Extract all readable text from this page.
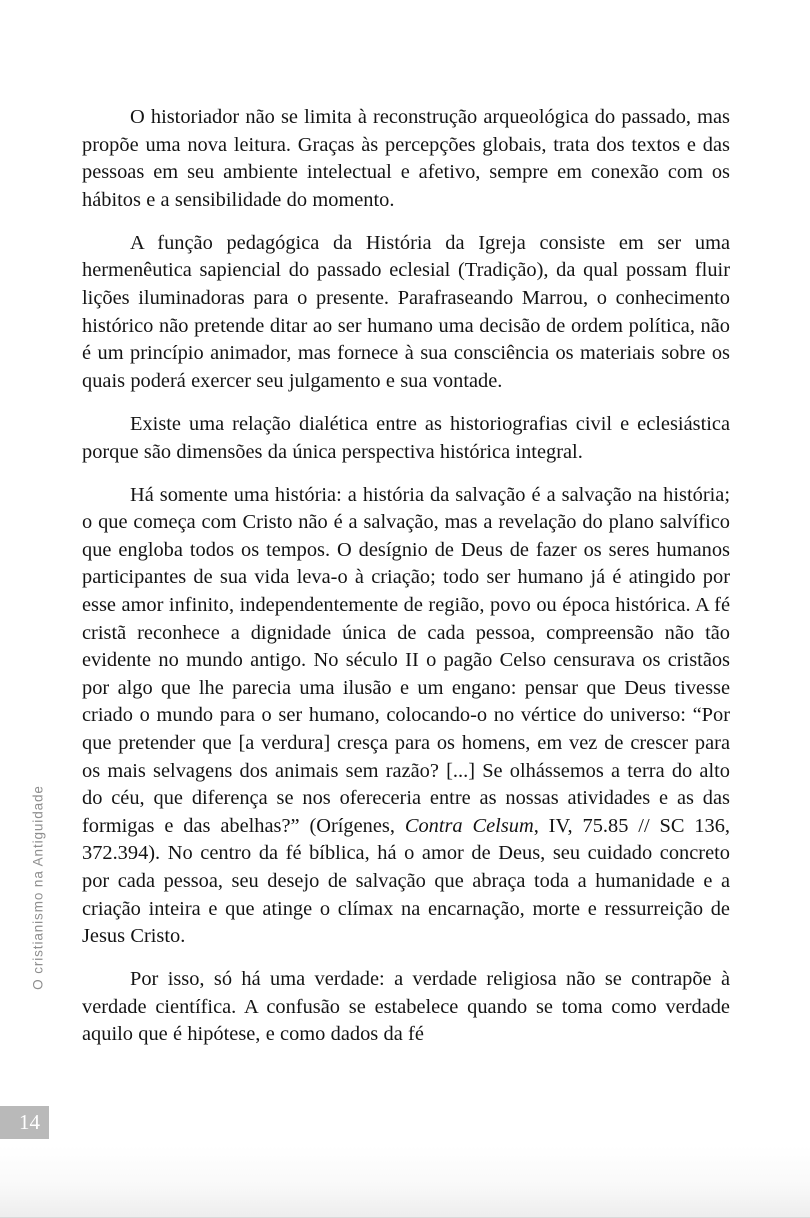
O cristianismo na Antiguidade
14

O historiador não se limita à reconstrução arqueológica do passado, mas propõe uma nova leitura. Graças às percepções globais, trata dos textos e das pessoas em seu ambiente intelectual e afetivo, sempre em conexão com os hábitos e a sensibilidade do momento.

A função pedagógica da História da Igreja consiste em ser uma hermenêutica sapiencial do passado eclesial (Tradição), da qual possam fluir lições iluminadoras para o presente. Parafraseando Marrou, o conhecimento histórico não pretende ditar ao ser humano uma decisão de ordem política, não é um princípio animador, mas fornece à sua consciência os materiais sobre os quais poderá exercer seu julgamento e sua vontade.

Existe uma relação dialética entre as historiografias civil e eclesiástica porque são dimensões da única perspectiva histórica integral.

Há somente uma história: a história da salvação é a salvação na história; o que começa com Cristo não é a salvação, mas a revelação do plano salvífico que engloba todos os tempos. O desígnio de Deus de fazer os seres humanos participantes de sua vida leva-o à criação; todo ser humano já é atingido por esse amor infinito, independentemente de região, povo ou época histórica. A fé cristã reconhece a dignidade única de cada pessoa, compreensão não tão evidente no mundo antigo. No século II o pagão Celso censurava os cristãos por algo que lhe parecia uma ilusão e um engano: pensar que Deus tivesse criado o mundo para o ser humano, colocando-o no vértice do universo: “Por que pretender que [a verdura] cresça para os homens, em vez de crescer para os mais selvagens dos animais sem razão? [...] Se olhássemos a terra do alto do céu, que diferença se nos ofereceria entre as nossas atividades e as das formigas e das abelhas?” (Orígenes, Contra Celsum, IV, 75.85 // SC 136, 372.394). No centro da fé bíblica, há o amor de Deus, seu cuidado concreto por cada pessoa, seu desejo de salvação que abraça toda a humanidade e a criação inteira e que atinge o clímax na encarnação, morte e ressurreição de Jesus Cristo.

Por isso, só há uma verdade: a verdade religiosa não se contrapõe à verdade científica. A confusão se estabelece quando se toma como verdade aquilo que é hipótese, e como dados da fé
